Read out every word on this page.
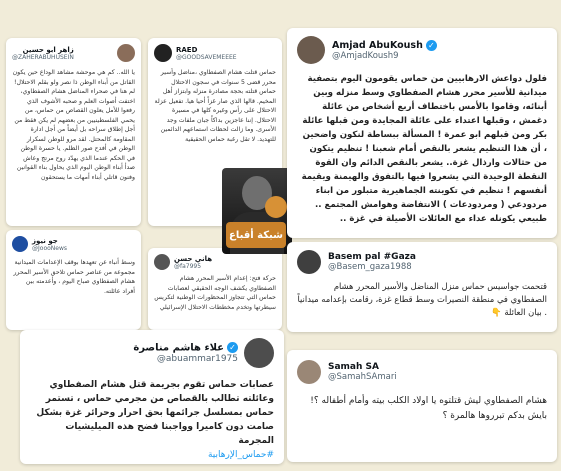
زاهر ابو حسين
@ZAHERABUHUSEIN

يا الله.. كم هي موحشة مشاهد الوداع حين يكون القاتل من أبناء الوطن ذا نصر ولو بقلم الاحتلال! لم هنا في صحراء المناضل هشام الصفطاوي، اختفت أصوات العلم و صحبه الأشوف الذي رفعوا للأمل يعلون القصاص من حماس، من يحمي الفلسطينيين من بعضهم لم يكن فقط من أجل إطلاق سراحه بل أيضاً من أجل ادارة المقاومة كالمحتل. لقد مرو للوطن لسكرار الوطن في أفدح صور الظلم. يا حسرة الوطن في الحكم عندما الذي يهدّد روح مرتج وعاش صدأ أبناء الوطن اليوم الذي يحاول بناء القوانين وفنون قاتلي أبناء أمهات ما يستحقون

RAED
@GOODSAVEMEEEE

حماس قتلت هشام الصفطاوي ،مناضل وأسير محرر قضى 5 سنوات في سجون الاحتلال حماس قتلته بحجة مصادرة منزله وابتزاز أهل المخيم. قالها الذي صار غزاً أحيا هيا. تفعيل عزلة الاحتلال على رأس وغيره كلها في مسيرة الاحتلال. إننا عاجزين بداكاً جبان ملفات وجد الأسرى. وما زالت لحظات استماعهم الدائمين للتهديد. لا تقل رغبة حماس الحقيقية

جو نيوز
@JoooNews

وسط أنباء عن تعهدها بوقف الإعدامات الميدانية مجموعة من عناصر حماس تلاحق الأسير المحرر هشام الصفطاوي صباح اليوم ، وأعدمته بين أفراد عائلته.

هاني حسن
@fa7995

حركة فتح: إعدام الأسير المحرر هشام الصفطاوي يكشف الوجه الحقيقي لعصابات حماس التي تتجاوز المحظورات الوطنية لتكريس سيطرتها وتخدم مخططات الاحتلال الإسرائيلي

شبكة أقباع
Amjad AbuKoush ✓
@AmjadKoush9

فلول دواعش الارهابيين من حماس يقومون اليوم بتصفية ميدانية للأسير محرر هشام الصفطاوي وسط منزله وبين أبنائه، وقاموا بالأمس باختطاف أربع أشخاص من عائلة دغمش ، وقبلها اعتداء على عائلة المجايدة ومن قبلها عائلة بكر ومن قبلهم ابو عمرة ! المسألة ببساطة لنكون واضحين ، أن هذا التنظيم يشعر بالنقص أمام شعبنا ! تنظيم يتكون من حثالات وارذال غزة.. يشعر بالنقص الدائم وان القوة النقطة الوحيدة التي يشعروا فيها بالتفوق والهيمنة ويقيمة أنفسهم ! تنظيم في تكوينته الجماهيرية متبلور من ابناء مردودعي ( ومردودعات ) الانتفاضة وهوامش المجتمع .. طبيعي يكونله عداء مع العائلات الأصيلة في غزة ..

Basem pal #Gaza
@Basem_gaza1988

قتحمت جواسيس حماس منزل المناضل والأسير المحرر هشام الصفطاوي في منطقة النصيرات وسط قطاع غزة، رقامت بإعدامه ميدانياً . بيان العائلة 👇

Samah SA
@SamahSAmari

هشام الصفطاوي ليش قتلتوه يا اولاد الكلب بيته وأمام أطفاله ؟! بايش بدكم تبرروها هالمرة ؟

علاء هاشم مناصرة ✓
@abuammar1975

عصابات حماس تقوم بجريمة قتل هشام الصفطاوي وعائلته تطالب بالقصاص من مجرمي حماس ، تستمر حماس بمسلسل جرائمها بحق احرار وحرائر غزة بشكل صامت دون كاميرا وواجبنا فضح هذه الميليشيات المجرمة

#حماس_الإرهابية
